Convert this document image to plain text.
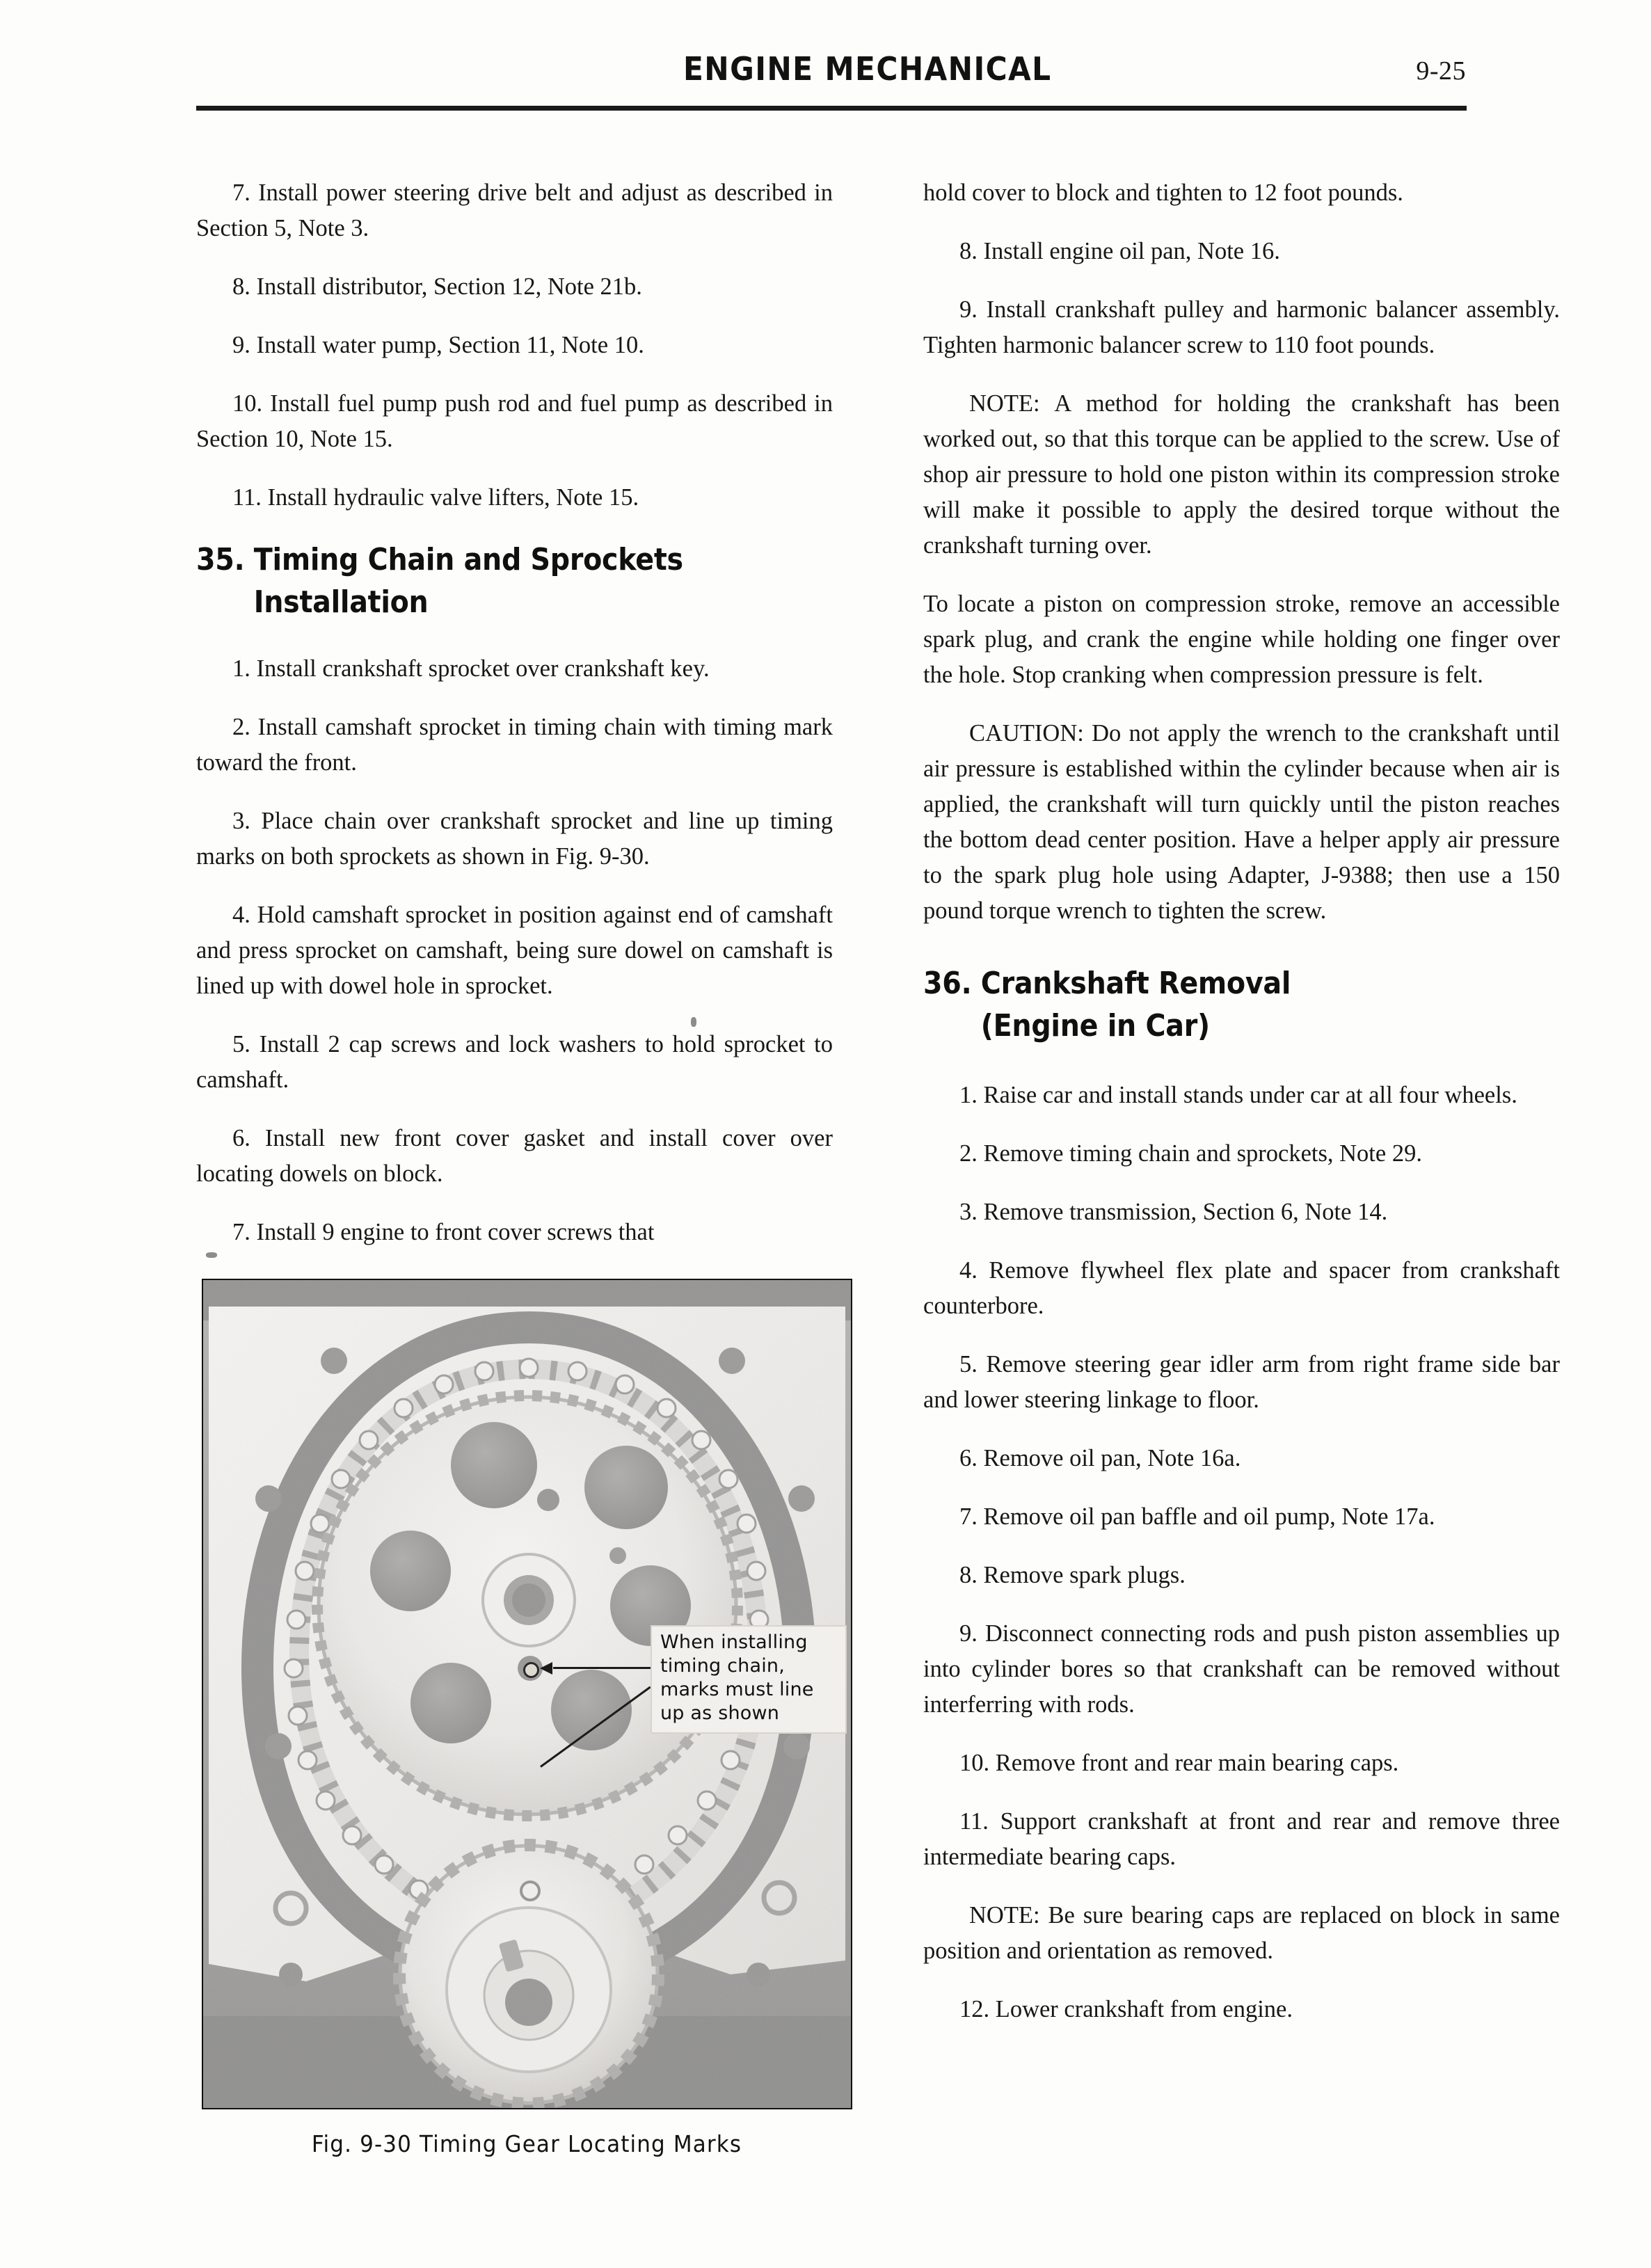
ENGINE MECHANICAL	9-25

7. Install power steering drive belt and adjust as described in Section 5, Note 3.

8. Install distributor, Section 12, Note 21b.

9. Install water pump, Section 11, Note 10.

10. Install fuel pump push rod and fuel pump as described in Section 10, Note 15.

11. Install hydraulic valve lifters, Note 15.

35. Timing Chain and Sprockets
Installation

1. Install crankshaft sprocket over crankshaft key.

2. Install camshaft sprocket in timing chain with timing mark toward the front.

3. Place chain over crankshaft sprocket and line up timing marks on both sprockets as shown in Fig. 9-30.

4. Hold camshaft sprocket in position against end of camshaft and press sprocket on camshaft, being sure dowel on camshaft is lined up with dowel hole in sprocket.

5. Install 2 cap screws and lock washers to hold sprocket to camshaft.

6. Install new front cover gasket and install cover over locating dowels on block.

7. Install 9 engine to front cover screws that

hold cover to block and tighten to 12 foot pounds.

8. Install engine oil pan, Note 16.

9. Install crankshaft pulley and harmonic balancer assembly. Tighten harmonic balancer screw to 110 foot pounds.

NOTE: A method for holding the crankshaft has been worked out, so that this torque can be applied to the screw. Use of shop air pressure to hold one piston within its compression stroke will make it possible to apply the desired torque without the crankshaft turning over.

To locate a piston on compression stroke, remove an accessible spark plug, and crank the engine while holding one finger over the hole. Stop cranking when compression pressure is felt.

CAUTION: Do not apply the wrench to the crankshaft until air pressure is established within the cylinder because when air is applied, the crankshaft will turn quickly until the piston reaches the bottom dead center position. Have a helper apply air pressure to the spark plug hole using Adapter, J-9388; then use a 150 pound torque wrench to tighten the screw.

36. Crankshaft Removal
(Engine in Car)

1. Raise car and install stands under car at all four wheels.

2. Remove timing chain and sprockets, Note 29.

3. Remove transmission, Section 6, Note 14.

4. Remove flywheel flex plate and spacer from crankshaft counterbore.

5. Remove steering gear idler arm from right frame side bar and lower steering linkage to floor.

6. Remove oil pan, Note 16a.

7. Remove oil pan baffle and oil pump, Note 17a.

8. Remove spark plugs.

9. Disconnect connecting rods and push piston assemblies up into cylinder bores so that crankshaft can be removed without interferring with rods.

10. Remove front and rear main bearing caps.

11. Support crankshaft at front and rear and remove three intermediate bearing caps.

NOTE: Be sure bearing caps are replaced on block in same position and orientation as removed.

12. Lower crankshaft from engine.

When installing
timing chain,
marks must line
up as shown
Fig. 9-30 Timing Gear Locating Marks
